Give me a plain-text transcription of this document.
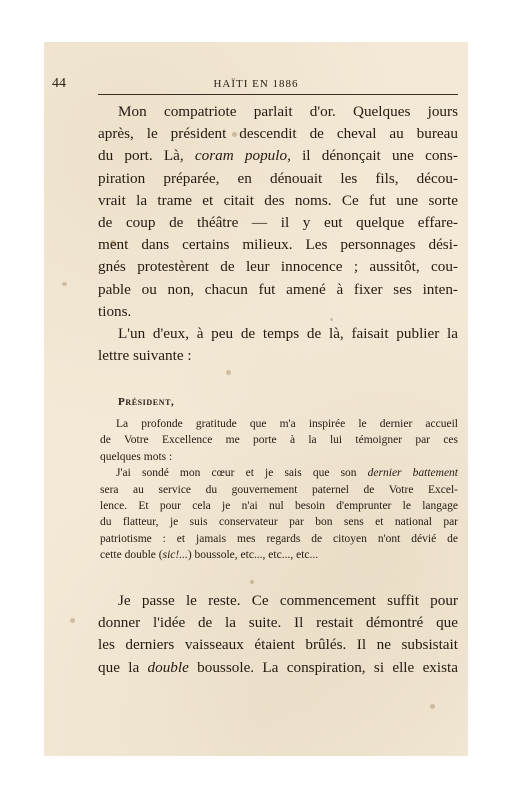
44	HAÏTI EN 1886
Mon compatriote parlait d'or. Quelques jours
après, le président descendit de cheval au bureau
du port. Là, coram populo, il dénonçait une cons-
piration préparée, en dénouait les fils, décou-
vrait la trame et citait des noms. Ce fut une sorte
de coup de théâtre — il y eut quelque effare-
ment dans certains milieux. Les personnages dési-
gnés protestèrent de leur innocence ; aussitôt, cou-
pable ou non, chacun fut amené à fixer ses inten-
tions.
L'un d'eux, à peu de temps de là, faisait publier la
lettre suivante :
Président,
La profonde gratitude que m'a inspirée le dernier accueil
de Votre Excellence me porte à la lui témoigner par ces
quelques mots :
J'ai sondé mon cœur et je sais que son dernier battement
sera au service du gouvernement paternel de Votre Excel-
lence. Et pour cela je n'ai nul besoin d'emprunter le langage
du flatteur, je suis conservateur par bon sens et national par
patriotisme : et jamais mes regards de citoyen n'ont dévié de
cette double (sic!...) boussole, etc..., etc..., etc...
Je passe le reste. Ce commencement suffit pour
donner l'idée de la suite. Il restait démontré que
les derniers vaisseaux étaient brûlés. Il ne subsistait
que la double boussole. La conspiration, si elle exista
